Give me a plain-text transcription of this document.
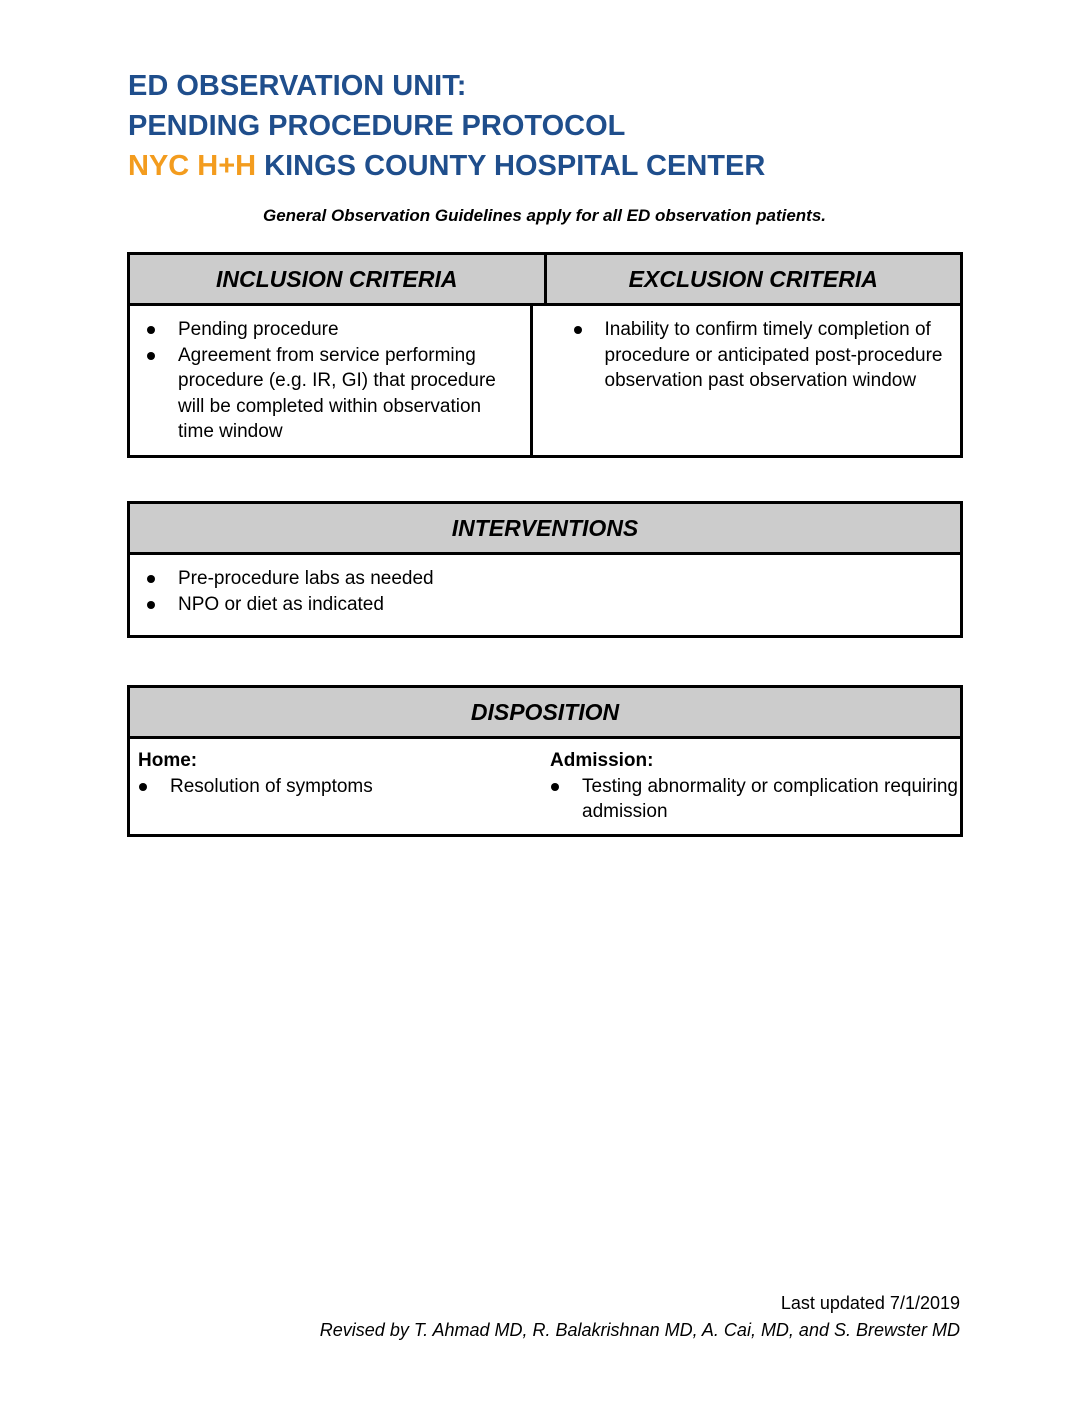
ED OBSERVATION UNIT:
PENDING PROCEDURE PROTOCOL
NYC H+H KINGS COUNTY HOSPITAL CENTER
General Observation Guidelines apply for all ED observation patients.
INCLUSION CRITERIA	EXCLUSION CRITERIA
Pending procedure
Agreement from service performing procedure (e.g. IR, GI) that procedure will be completed within observation time window
Inability to confirm timely completion of procedure or anticipated post-procedure observation past observation window
INTERVENTIONS
Pre-procedure labs as needed
NPO or diet as indicated
DISPOSITION
Home:
Resolution of symptoms
Admission:
Testing abnormality or complication requiring admission
Last updated 7/1/2019
Revised by T. Ahmad MD, R. Balakrishnan MD, A. Cai, MD, and S. Brewster MD
